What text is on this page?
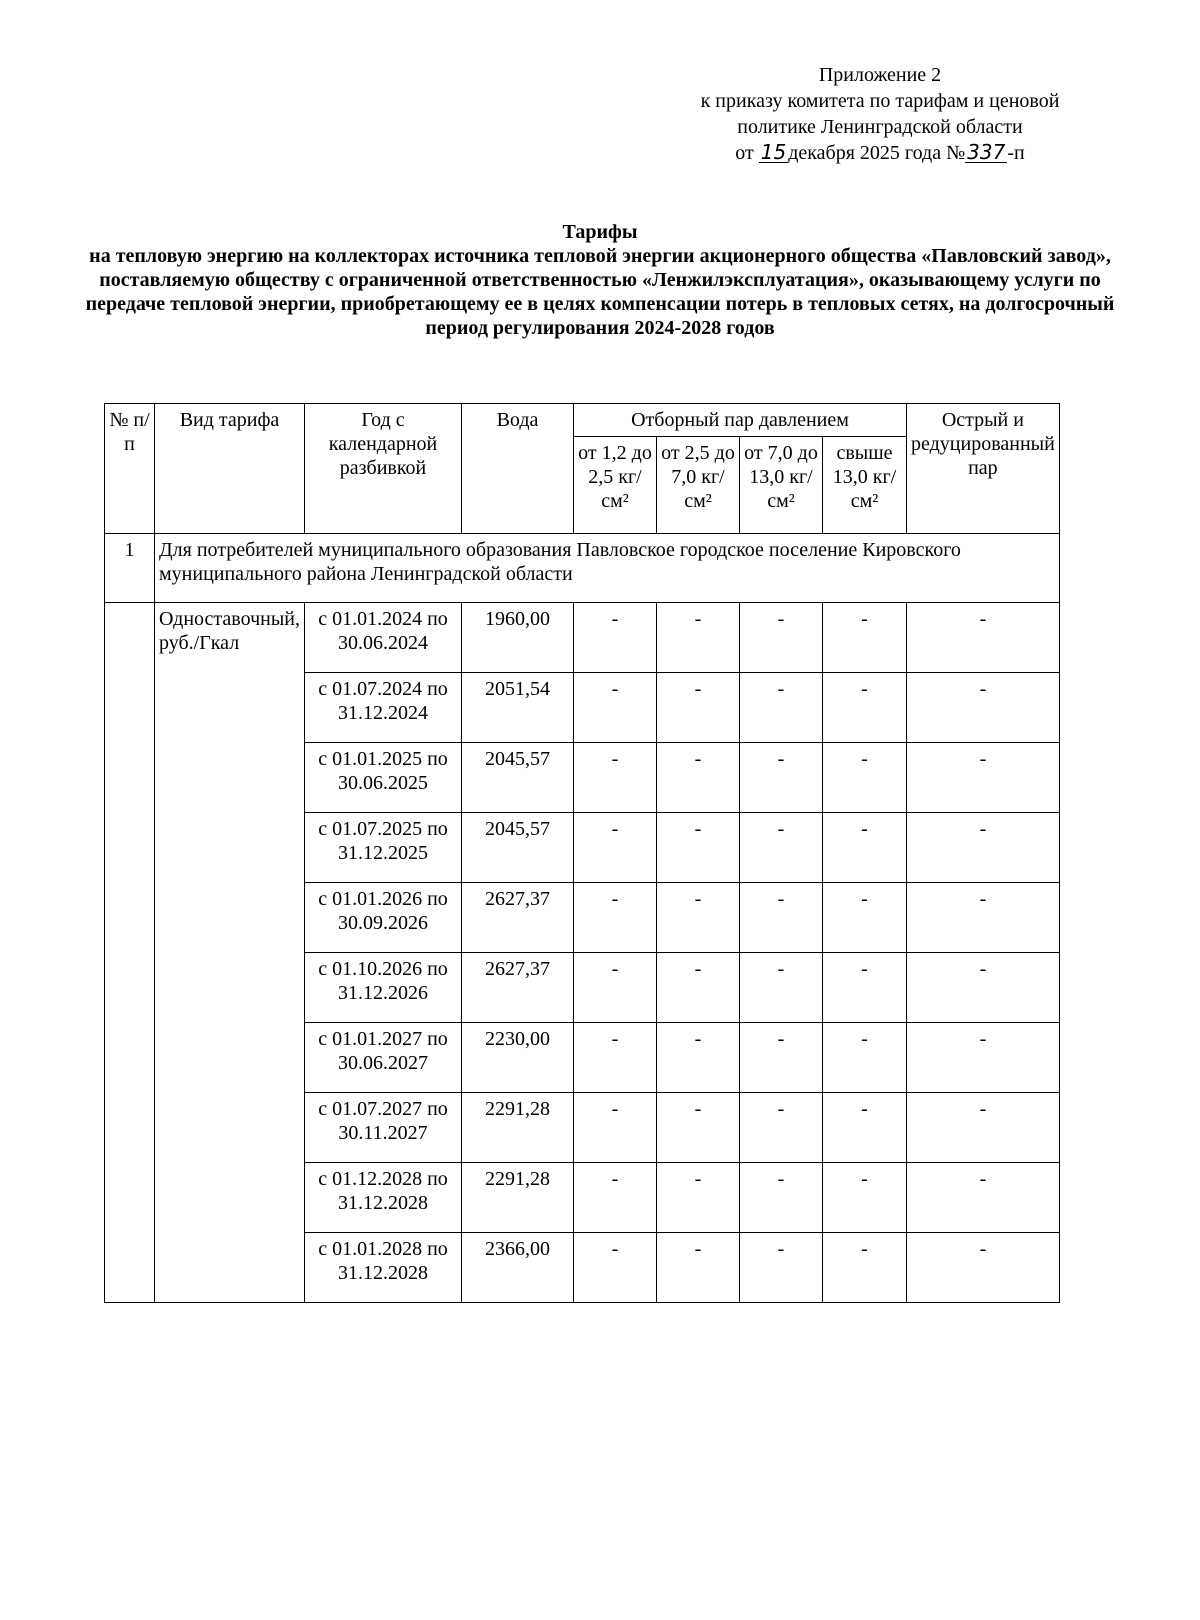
Приложение 2
к приказу комитета по тарифам и ценовой
политике Ленинградской области
от 15 декабря 2025 года № 337 -п
Тарифы
на тепловую энергию на коллекторах источника тепловой энергии акционерного общества «Павловский завод», поставляемую обществу с ограниченной ответственностью «Ленжилэксплуатация», оказывающему услуги по передаче тепловой энергии, приобретающему ее в целях компенсации потерь в тепловых сетях, на долгосрочный период регулирования 2024-2028 годов
№ п/п	Вид тарифа	Год с календарной разбивкой	Вода	Отборный пар давлением				Острый и редуцированный пар
				от 1,2 до 2,5 кг/см²	от 2,5 до 7,0 кг/см²	от 7,0 до 13,0 кг/см²	свыше 13,0 кг/см²	
1	Для потребителей муниципального образования Павловское городское поселение Кировского муниципального района Ленинградской области							
	Одноставочный, руб./Гкал	с 01.01.2024 по 30.06.2024	1960,00	-	-	-	-	-
		с 01.07.2024 по 31.12.2024	2051,54	-	-	-	-	-
		с 01.01.2025 по 30.06.2025	2045,57	-	-	-	-	-
		с 01.07.2025 по 31.12.2025	2045,57	-	-	-	-	-
		с 01.01.2026 по 30.09.2026	2627,37	-	-	-	-	-
		с 01.10.2026 по 31.12.2026	2627,37	-	-	-	-	-
		с 01.01.2027 по 30.06.2027	2230,00	-	-	-	-	-
		с 01.07.2027 по 30.11.2027	2291,28	-	-	-	-	-
		с 01.12.2028 по 31.12.2028	2291,28	-	-	-	-	-
		с 01.01.2028 по 31.12.2028	2366,00	-	-	-	-	-
